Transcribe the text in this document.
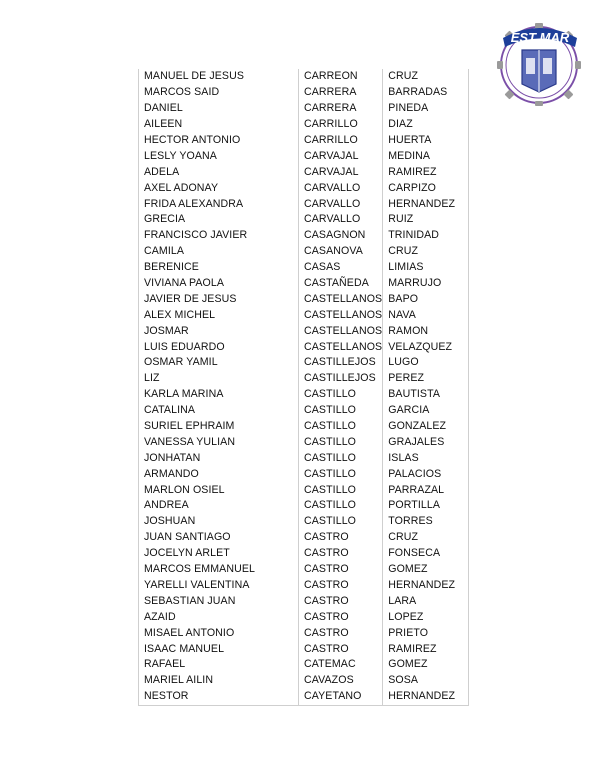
EST MAR
MANUEL DE JESUS	CARREON	CRUZ
MARCOS SAID	CARRERA	BARRADAS
DANIEL	CARRERA	PINEDA
AILEEN	CARRILLO	DIAZ
HECTOR ANTONIO	CARRILLO	HUERTA
LESLY YOANA	CARVAJAL	MEDINA
ADELA	CARVAJAL	RAMIREZ
AXEL ADONAY	CARVALLO	CARPIZO
FRIDA ALEXANDRA	CARVALLO	HERNANDEZ
GRECIA	CARVALLO	RUIZ
FRANCISCO JAVIER	CASAGNON	TRINIDAD
CAMILA	CASANOVA	CRUZ
BERENICE	CASAS	LIMIAS
VIVIANA PAOLA	CASTAÑEDA	MARRUJO
JAVIER DE JESUS	CASTELLANOS	BAPO
ALEX MICHEL	CASTELLANOS	NAVA
JOSMAR	CASTELLANOS	RAMON
LUIS EDUARDO	CASTELLANOS	VELAZQUEZ
OSMAR YAMIL	CASTILLEJOS	LUGO
LIZ	CASTILLEJOS	PEREZ
KARLA MARINA	CASTILLO	BAUTISTA
CATALINA	CASTILLO	GARCIA
SURIEL EPHRAIM	CASTILLO	GONZALEZ
VANESSA YULIAN	CASTILLO	GRAJALES
JONHATAN	CASTILLO	ISLAS
ARMANDO	CASTILLO	PALACIOS
MARLON OSIEL	CASTILLO	PARRAZAL
ANDREA	CASTILLO	PORTILLA
JOSHUAN	CASTILLO	TORRES
JUAN SANTIAGO	CASTRO	CRUZ
JOCELYN ARLET	CASTRO	FONSECA
MARCOS EMMANUEL	CASTRO	GOMEZ
YARELLI VALENTINA	CASTRO	HERNANDEZ
SEBASTIAN JUAN	CASTRO	LARA
AZAID	CASTRO	LOPEZ
MISAEL ANTONIO	CASTRO	PRIETO
ISAAC MANUEL	CASTRO	RAMIREZ
RAFAEL	CATEMAC	GOMEZ
MARIEL AILIN	CAVAZOS	SOSA
NESTOR	CAYETANO	HERNANDEZ
